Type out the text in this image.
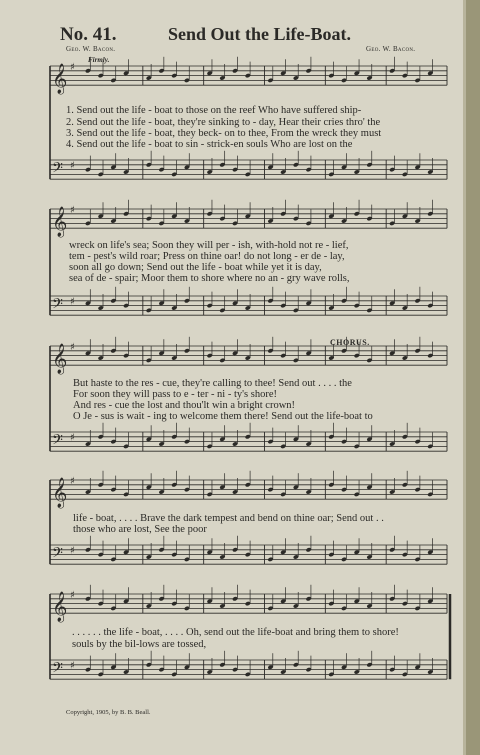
No. 41.	Send Out the Life-Boat.
Geo. W. Bacon.	Geo. W. Bacon.
Firmly.
𝄞 ♯
𝄢 ♯
𝄞 ♯
𝄢 ♯
𝄞 ♯
𝄢 ♯
𝄞 ♯
𝄢 ♯
𝄞 ♯
𝄢 ♯
1. Send out the life - boat to those on the reef Who have suffered ship-
2. Send out the life - boat, they're sinking to - day, Hear their cries thro' the
3. Send out the life - boat, they beck- on to thee, From the wreck they must
4. Send out the life - boat to sin - strick-en souls Who are lost on the
wreck on life's sea; Soon they will per - ish, with-hold not re - lief,
tem - pest's wild roar; Press on thine oar! do not long - er de - lay,
soon all go down; Send out the life - boat while yet it is day,
sea of de - spair; Moor them to shore where no an - gry wave rolls,
CHORUS.
But haste to the res - cue, they're calling to thee! Send out . . . . the
For soon they will pass to e - ter - ni - ty's shore!
And res - cue the lost and thou'lt win a bright crown!
O Je - sus is wait - ing to welcome them there! Send out the life-boat to
life - boat, . . . . Brave the dark tempest and bend on thine oar; Send out . .
those who are lost, See the poor
. . . . . . the life - boat, . . . . Oh, send out the life-boat and bring them to shore!
souls by the bil-lows are tossed,
Copyright, 1905, by B. B. Beall.
